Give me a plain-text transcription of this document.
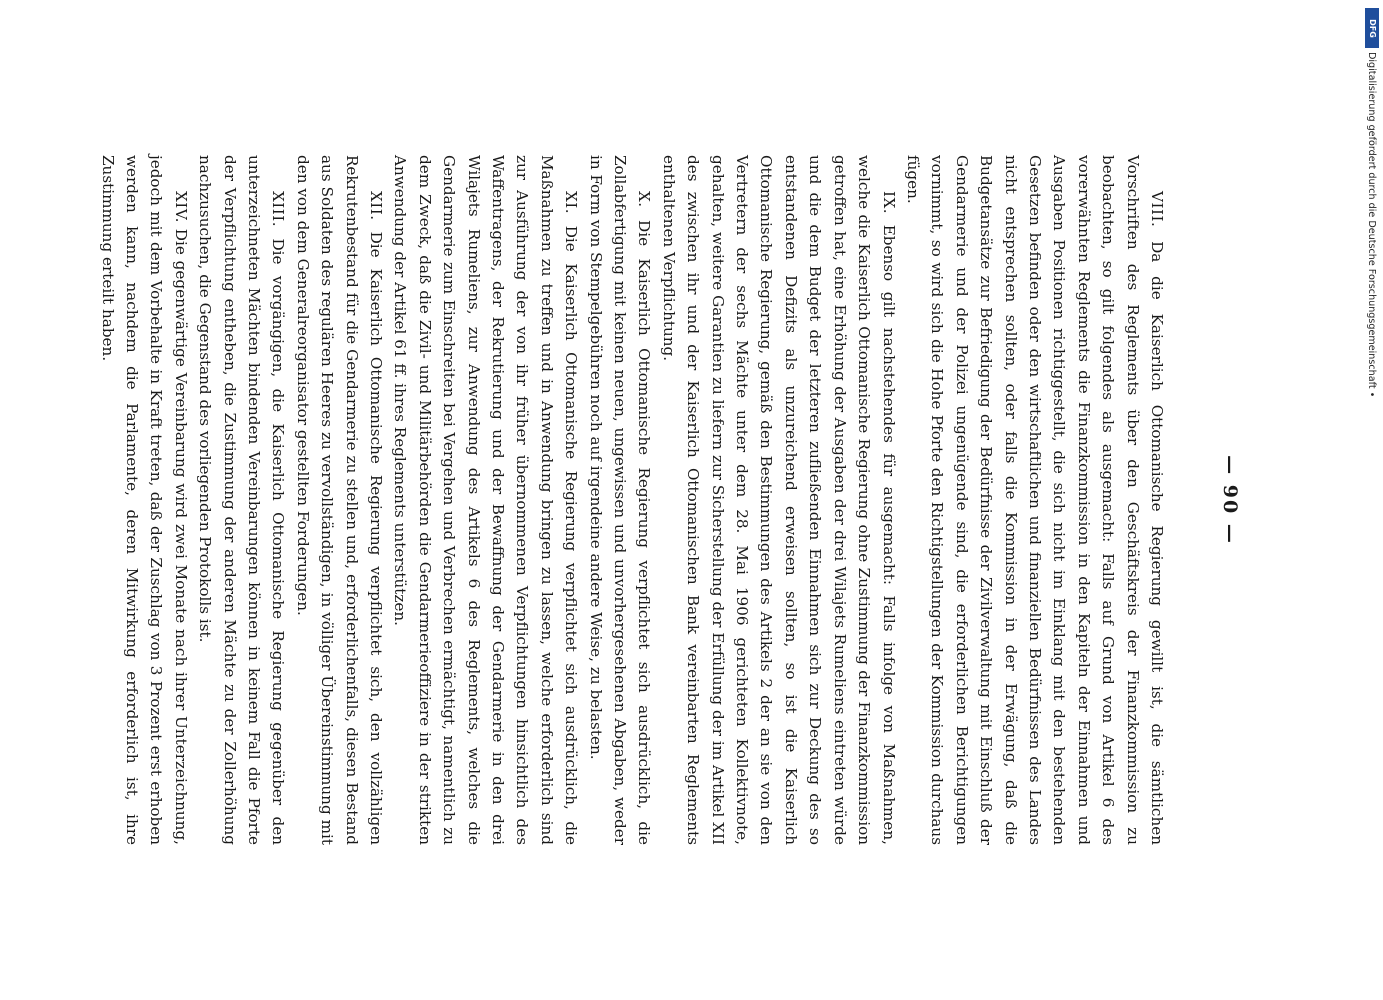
— 90 —

VIII. Da die Kaiserlich Ottomanische Regierung gewillt ist, die sämtlichen Vorschriften des Reglements über den Geschäftskreis der Finanzkommission zu beobachten, so gilt folgendes als ausgemacht: Falls auf Grund von Artikel 6 des vorerwähnten Reglements die Finanzkommission in den Kapiteln der Einnahmen und Ausgaben Positionen richtiggestellt, die sich nicht im Einklang mit den bestehenden Gesetzen befinden oder den wirtschaftlichen und finanziellen Bedürfnissen des Landes nicht entsprechen sollten, oder falls die Kommission in der Erwägung, daß die Budgetansätze zur Befriedigung der Bedürfnisse der Zivilverwaltung mit Einschluß der Gendarmerie und der Polizei ungenügende sind, die erforderlichen Berichtigungen vornimmt, so wird sich die Hohe Pforte den Richtigstellungen der Kommission durchaus fügen.

IX. Ebenso gilt nachstehendes für ausgemacht: Falls infolge von Maßnahmen, welche die Kaiserlich Ottomanische Regierung ohne Zustimmung der Finanzkommission getroffen hat, eine Erhöhung der Ausgaben der drei Wilajets Rumeliens eintreten würde und die dem Budget der letzteren zufließenden Einnahmen sich zur Deckung des so entstandenen Defizits als unzureichend erweisen sollten, so ist die Kaiserlich Ottomanische Regierung, gemäß den Bestimmungen des Artikels 2 der an sie von den Vertretern der sechs Mächte unter dem 28. Mai 1906 gerichteten Kollektivnote, gehalten, weitere Garantien zu liefern zur Sicherstellung der Erfüllung der im Artikel XII des zwischen ihr und der Kaiserlich Ottomanischen Bank vereinbarten Reglements enthaltenen Verpflichtung.

X. Die Kaiserlich Ottomanische Regierung verpflichtet sich ausdrücklich, die Zollabfertigung mit keinen neuen, ungewissen und unvorhergesehenen Abgaben, weder in Form von Stempelgebühren noch auf irgendeine andere Weise, zu belasten.

XI. Die Kaiserlich Ottomanische Regierung verpflichtet sich ausdrücklich, die Maßnahmen zu treffen und in Anwendung bringen zu lassen, welche erforderlich sind zur Ausführung der von ihr früher übernommenen Verpflichtungen hinsichtlich des Waffentragens, der Rekrutierung und der Bewaffnung der Gendarmerie in den drei Wilajets Rumeliens, zur Anwendung des Artikels 6 des Reglements, welches die Gendarmerie zum Einschreiten bei Vergehen und Verbrechen ermächtigt, namentlich zu dem Zweck, daß die Zivil- und Militärbehörden die Gendarmerieoffiziere in der strikten Anwendung der Artikel 61 ff. ihres Reglements unterstützen.

XII. Die Kaiserlich Ottomanische Regierung verpflichtet sich, den vollzähligen Rekrutenbestand für die Gendarmerie zu stellen und, erforderlichenfalls, diesen Bestand aus Soldaten des regulären Heeres zu vervollständigen, in völliger Übereinstimmung mit den von dem Generalreorganisator gestellten Forderungen.

XIII. Die vorgängigen, die Kaiserlich Ottomanische Regierung gegenüber den unterzeichneten Mächten bindenden Vereinbarungen können in keinem Fall die Pforte der Verpflichtung entheben, die Zustimmung der anderen Mächte zu der Zollerhöhung nachzusuchen, die Gegenstand des vorliegenden Protokolls ist.

XIV. Die gegenwärtige Vereinbarung wird zwei Monate nach ihrer Unterzeichnung, jedoch mit dem Vorbehalte in Kraft treten, daß der Zuschlag von 3 Prozent erst erhoben werden kann, nachdem die Parlamente, deren Mitwirkung erforderlich ist, ihre Zustimmung erteilt haben.

DFG
Digitalisierung gefördert durch die Deutsche Forschungsgemeinschaft •
